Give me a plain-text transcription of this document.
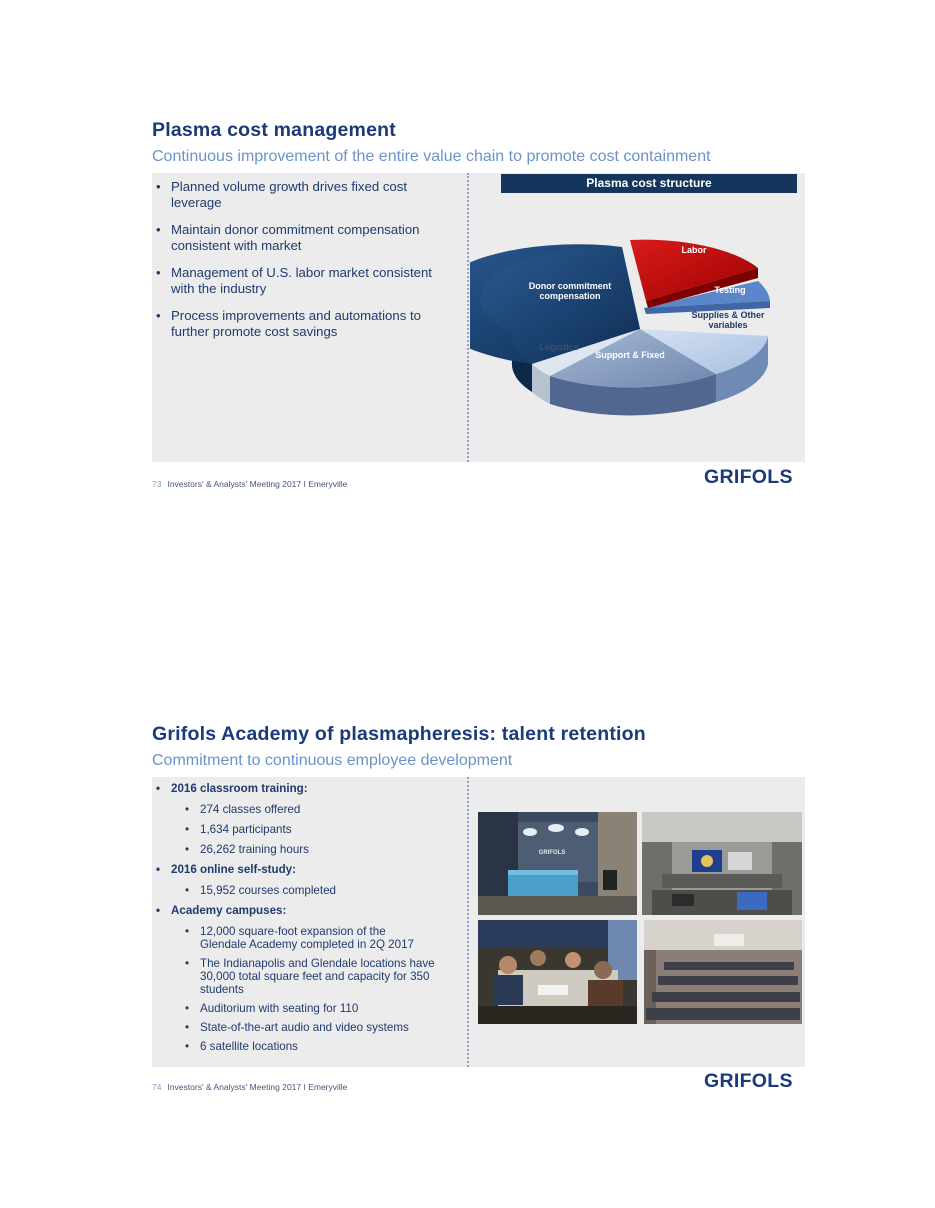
Plasma cost management
Continuous improvement of the entire value chain to promote cost containment
• Planned volume growth drives fixed cost leverage
• Maintain donor commitment compensation consistent with market
• Management of U.S. labor market consistent with the industry
• Process improvements and automations to further promote cost savings
Plasma cost structure
Labor
Testing
Supplies & Other variables
Support & Fixed
Logistics
Donor commitment compensation
73 Investors' & Analysts' Meeting 2017 I Emeryville	GRIFOLS
Grifols Academy of plasmapheresis: talent retention
Commitment to continuous employee development
• 2016 classroom training:
• 274 classes offered
• 1,634 participants
• 26,262 training hours
• 2016 online self-study:
• 15,952 courses completed
• Academy campuses:
• 12,000 square-foot expansion of the Glendale Academy completed in 2Q 2017
• The Indianapolis and Glendale locations have 30,000 total square feet and capacity for 350 students
• Auditorium with seating for 110
• State-of-the-art audio and video systems
• 6 satellite locations
GRIFOLS
74 Investors' & Analysts' Meeting 2017 I Emeryville	GRIFOLS
